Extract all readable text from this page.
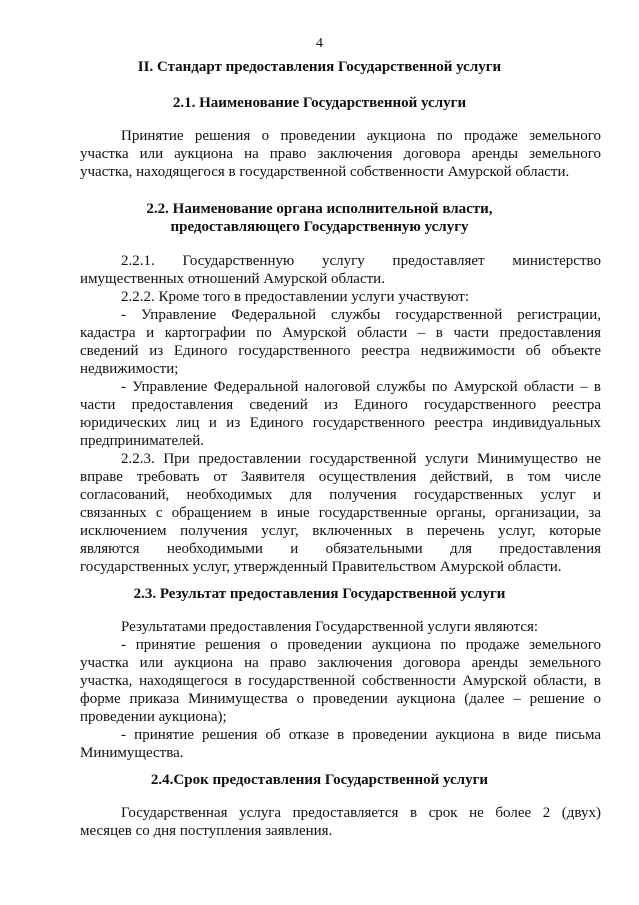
4
II. Стандарт предоставления Государственной услуги
2.1. Наименование Государственной услуги
Принятие решения о проведении аукциона по продаже земельного
участка или аукциона на право заключения договора аренды земельного
участка, находящегося в государственной собственности Амурской области.
2.2. Наименование органа исполнительной власти,
предоставляющего Государственную услугу
2.2.1. Государственную услугу предоставляет министерство
имущественных отношений Амурской области.
2.2.2. Кроме того в предоставлении услуги участвуют:
- Управление Федеральной службы государственной регистрации,
кадастра и картографии по Амурской области – в части предоставления
сведений из Единого государственного реестра недвижимости об объекте
недвижимости;
- Управление Федеральной налоговой службы по Амурской области – в
части предоставления сведений из Единого государственного реестра
юридических лиц и из Единого государственного реестра индивидуальных
предпринимателей.
2.2.3. При предоставлении государственной услуги Минимущество не
вправе требовать от Заявителя осуществления действий, в том числе
согласований, необходимых для получения государственных услуг и
связанных с обращением в иные государственные органы, организации, за
исключением получения услуг, включенных в перечень услуг, которые
являются необходимыми и обязательными для предоставления
государственных услуг, утвержденный Правительством Амурской области.
2.3. Результат предоставления Государственной услуги
Результатами предоставления Государственной услуги являются:
- принятие решения о проведении аукциона по продаже земельного
участка или аукциона на право заключения договора аренды земельного
участка, находящегося в государственной собственности Амурской области, в
форме приказа Минимущества о проведении аукциона (далее – решение о
проведении аукциона);
- принятие решения об отказе в проведении аукциона в виде письма
Минимущества.
2.4.Срок предоставления Государственной услуги
Государственная услуга предоставляется в срок не более 2 (двух)
месяцев со дня поступления заявления.
